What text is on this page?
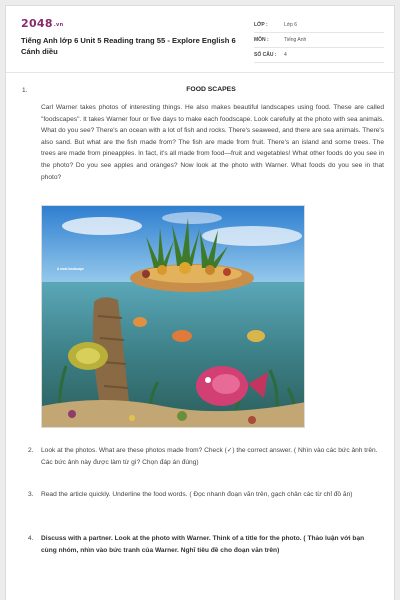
2048.vn
Tiếng Anh lớp 6 Unit 5 Reading trang 55 - Explore English 6 Cánh diều
LỚP :	Lớp 6
MÔN :	Tiếng Anh
SỐ CÂU : 4
1.	FOOD SCAPES
Carl Warner takes photos of interesting things. He also makes beautiful landscapes using food. These are called "foodscapes". It takes Warner four or five days to make each foodscape. Look carefully at the photo with sea animals. What do you see? There's an ocean with a lot of fish and rocks. There's seaweed, and there are sea animals. There's also sand. But what are the fish made from? The fish are made from fruit. There's an island and some trees. The trees are made from pineapples. In fact, it's all made from food—fruit and vegetables! What other foods do you see in the photo? Do you see apples and oranges? Now look at the photo with Warner. What foods do you see in that photo?
A meal landscape
2. Look at the photos. What are these photos made from? Check (✓) the correct answer. ( Nhìn vào các bức ảnh trên. Các bức ảnh này được làm từ gì? Chọn đáp án đúng)
3. Read the article quickly. Underline the food words. ( Đọc nhanh đoạn văn trên, gạch chân các từ chỉ đồ ăn)
4. Discuss with a partner. Look at the photo with Warner. Think of a title for the photo. ( Thảo luận với bạn cùng nhóm, nhìn vào bức tranh của Warner. Nghĩ tiêu đề cho đoạn văn trên)
